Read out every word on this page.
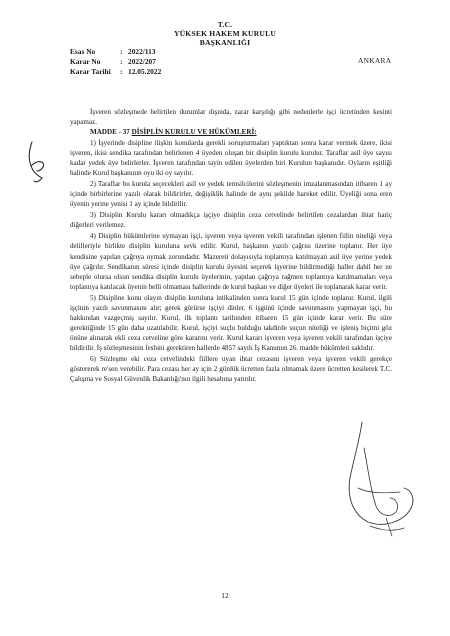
T.C.
YÜKSEK HAKEM KURULU
BAŞKANLIĞI
Esas No	: 2022/113
Karar No	: 2022/207
Karar Tarihi	: 12.05.2022
ANKARA
İşveren sözleşmede belirtilen durumlar dışında, zarar karşılığı gibi nedenlerle işçi ücretinden kesinti yapamaz.
MADDE - 37 DİSİPLİN KURULU VE HÜKÜMLERİ:

1) İşyerinde disipline ilişkin konularda gerekli soruşturmaları yaptıktan sonra karar vermek üzere, ikisi işveren, ikisi sendika tarafından belirlenen 4 üyeden oluşan bir disiplin kurulu kurulur. Taraflar asil üye sayısı kadar yedek üye belirlerler. İşveren tarafından tayin edilen üyelerden biri Kurulun başkanıdır. Oyların eşitliği halinde Kurul başkanının oyu iki oy sayılır.

2) Taraflar bu kurula seçecekleri asil ve yedek temsilcilerini sözleşmenin imzalanmasından itibaren 1 ay içinde birbirlerine yazılı olarak bildirirler, değişiklik halinde de aynı şekilde hareket edilir. Üyeliği sona eren üyenin yerine yenisi 1 ay içinde bildirilir.

3) Disiplin Kurulu kararı olmadıkça işçiye disiplin ceza cetvelinde belirtilen cezalardan ihtar hariç diğerleri verilemez.

4) Disiplin hükümlerine uymayan işçi, işveren veya işveren vekili tarafından işlenen fiilin niteliği veya delilleriyle birlikte disiplin kuruluna sevk edilir. Kurul, başkanın yazılı çağrısı üzerine toplanır. Her üye kendisine yapılan çağrıya uymak zorundadır. Mazereti dolayısıyla toplantıya katılmayan asil üye yerine yedek üye çağrılır. Sendikanın süresi içinde disiplin kurulu üyesini seçerek işyerine bildirmediği haller dahil her ne sebeple olursa olsun sendika disiplin kurulu üyelerinin, yapılan çağrıya rağmen toplantıya katılmamaları veya toplantıya katılacak üyenin belli olmaması hallerinde de kurul başkan ve diğer üyeleri ile toplanarak karar verir.

5) Disipline konu olayın disiplin kuruluna intikalinden sonra kurul 15 gün içinde toplanır. Kurul, ilgili işçinin yazılı savunmasını alır; gerek görürse işçiyi dinler. 6 işgünü içinde savunmasını yapmayan işçi, bu hakkından vazgeçmiş sayılır. Kurul, ilk toplantı tarihinden itibaren 15 gün içinde karar verir. Bu süre gerektiğinde 15 gün daha uzatılabilir. Kurul, işçiyi suçlu bulduğu takdirde suçun niteliği ve işleniş biçimi göz önüne alınarak ekli ceza cetveline göre kararını verir. Kurul kararı işveren veya işveren vekili tarafından işçiye bildirilir. İş sözleşmesinin feshini gerektiren hallerde 4857 sayılı İş Kanunun 26. madde hükümleri saklıdır.

6) Sözleşme eki ceza cetvelindeki fiillere uyan ihtar cezasını işveren veya işveren vekili gerekçe göstererek re'sen verebilir. Para cezası her ay için 2 günlük ücretten fazla olmamak üzere ücretten kesilerek T.C. Çalışma ve Sosyal Güvenlik Bakanlığı'nın ilgili hesabına yatırılır.

12
